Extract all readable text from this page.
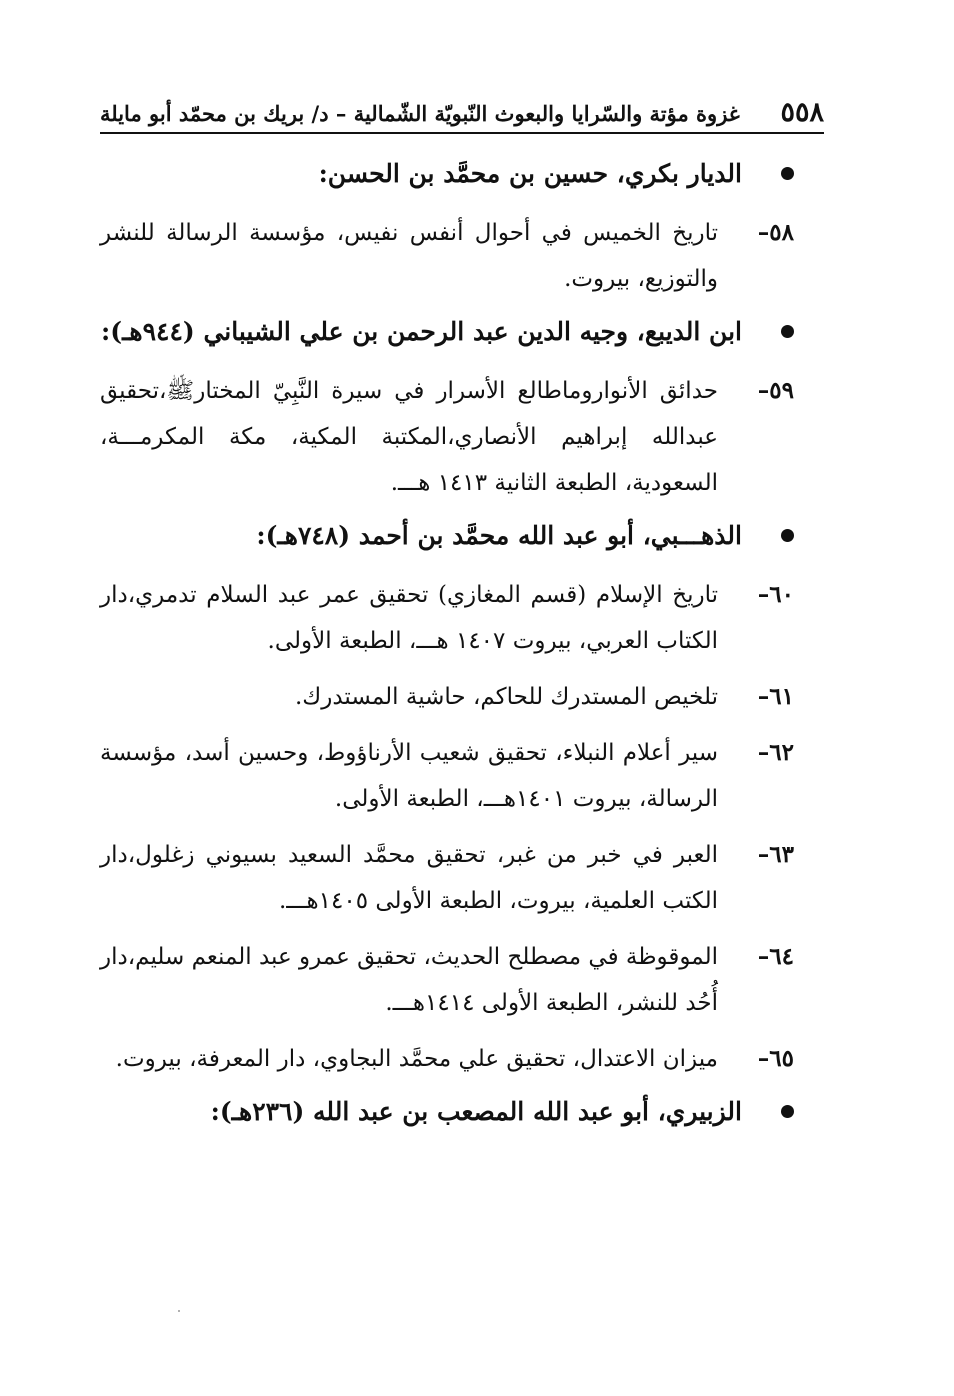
٥٥٨
غزوة مؤتة والسّرايا والبعوث النّبويّة الشّمالية – د/ بريك بن محمّد أبو مايلة
الديار بكري، حسين بن محمَّد بن الحسن:
٥٨–
تاريخ الخميس في أحوال أنفس نفيس، مؤسسة الرسالة للنشر والتوزيع، بيروت.
ابن الديبع، وجيه الدين عبد الرحمن بن علي الشيباني (٩٤٤هـ):
٥٩–
حدائق الأنواروماطالع الأسرار في سيرة النَّبِيّ المختارﷺ،تحقيق عبدالله إبراهيم الأنصاري،المكتبة المكية، مكة المكرمـــة، السعودية، الطبعة الثانية ١٤١٣ هـــ.
الذهـــبي، أبو عبد الله محمَّد بن أحمد (٧٤٨هـ):
٦٠–
تاريخ الإسلام (قسم المغازي) تحقيق عمر عبد السلام تدمري،دار الكتاب العربي، بيروت ١٤٠٧ هـــ، الطبعة الأولى.
٦١–
تلخيص المستدرك للحاكم، حاشية المستدرك.
٦٢–
سير أعلام النبلاء، تحقيق شعيب الأرناؤوط، وحسين أسد، مؤسسة الرسالة، بيروت ١٤٠١هـــ، الطبعة الأولى.
٦٣–
العبر في خبر من غبر، تحقيق محمَّد السعيد بسيوني زغلول،دار الكتب العلمية، بيروت، الطبعة الأولى ١٤٠٥هـــ.
٦٤–
الموقوظة في مصطلح الحديث، تحقيق عمرو عبد المنعم سليم،دار أُحُد للنشر، الطبعة الأولى ١٤١٤هـــ.
٦٥–
ميزان الاعتدال، تحقيق علي محمَّد البجاوي، دار المعرفة، بيروت.
الزبيري، أبو عبد الله المصعب بن عبد الله (٢٣٦هـ):
